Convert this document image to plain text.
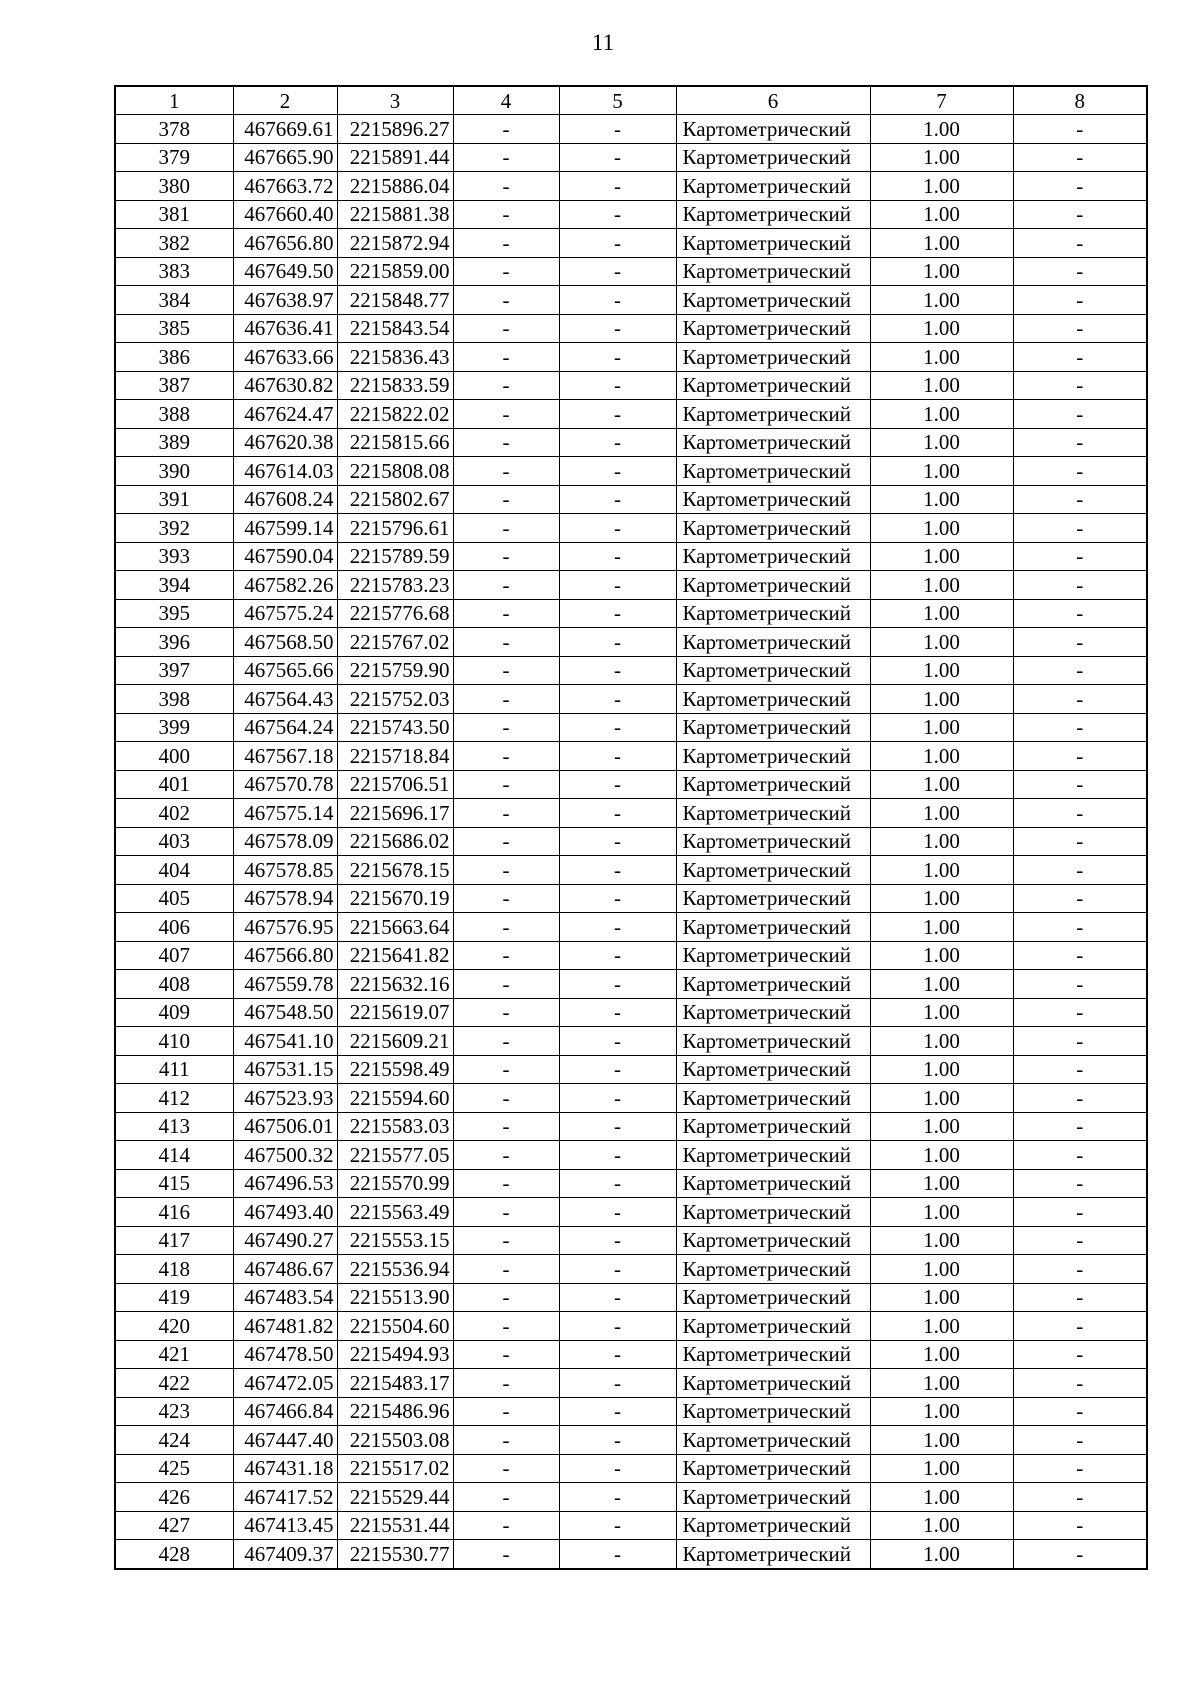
11
1	2	3	4	5	6	7	8
378	467669.61	2215896.27	-	-	Картометрический	1.00	-
379	467665.90	2215891.44	-	-	Картометрический	1.00	-
380	467663.72	2215886.04	-	-	Картометрический	1.00	-
381	467660.40	2215881.38	-	-	Картометрический	1.00	-
382	467656.80	2215872.94	-	-	Картометрический	1.00	-
383	467649.50	2215859.00	-	-	Картометрический	1.00	-
384	467638.97	2215848.77	-	-	Картометрический	1.00	-
385	467636.41	2215843.54	-	-	Картометрический	1.00	-
386	467633.66	2215836.43	-	-	Картометрический	1.00	-
387	467630.82	2215833.59	-	-	Картометрический	1.00	-
388	467624.47	2215822.02	-	-	Картометрический	1.00	-
389	467620.38	2215815.66	-	-	Картометрический	1.00	-
390	467614.03	2215808.08	-	-	Картометрический	1.00	-
391	467608.24	2215802.67	-	-	Картометрический	1.00	-
392	467599.14	2215796.61	-	-	Картометрический	1.00	-
393	467590.04	2215789.59	-	-	Картометрический	1.00	-
394	467582.26	2215783.23	-	-	Картометрический	1.00	-
395	467575.24	2215776.68	-	-	Картометрический	1.00	-
396	467568.50	2215767.02	-	-	Картометрический	1.00	-
397	467565.66	2215759.90	-	-	Картометрический	1.00	-
398	467564.43	2215752.03	-	-	Картометрический	1.00	-
399	467564.24	2215743.50	-	-	Картометрический	1.00	-
400	467567.18	2215718.84	-	-	Картометрический	1.00	-
401	467570.78	2215706.51	-	-	Картометрический	1.00	-
402	467575.14	2215696.17	-	-	Картометрический	1.00	-
403	467578.09	2215686.02	-	-	Картометрический	1.00	-
404	467578.85	2215678.15	-	-	Картометрический	1.00	-
405	467578.94	2215670.19	-	-	Картометрический	1.00	-
406	467576.95	2215663.64	-	-	Картометрический	1.00	-
407	467566.80	2215641.82	-	-	Картометрический	1.00	-
408	467559.78	2215632.16	-	-	Картометрический	1.00	-
409	467548.50	2215619.07	-	-	Картометрический	1.00	-
410	467541.10	2215609.21	-	-	Картометрический	1.00	-
411	467531.15	2215598.49	-	-	Картометрический	1.00	-
412	467523.93	2215594.60	-	-	Картометрический	1.00	-
413	467506.01	2215583.03	-	-	Картометрический	1.00	-
414	467500.32	2215577.05	-	-	Картометрический	1.00	-
415	467496.53	2215570.99	-	-	Картометрический	1.00	-
416	467493.40	2215563.49	-	-	Картометрический	1.00	-
417	467490.27	2215553.15	-	-	Картометрический	1.00	-
418	467486.67	2215536.94	-	-	Картометрический	1.00	-
419	467483.54	2215513.90	-	-	Картометрический	1.00	-
420	467481.82	2215504.60	-	-	Картометрический	1.00	-
421	467478.50	2215494.93	-	-	Картометрический	1.00	-
422	467472.05	2215483.17	-	-	Картометрический	1.00	-
423	467466.84	2215486.96	-	-	Картометрический	1.00	-
424	467447.40	2215503.08	-	-	Картометрический	1.00	-
425	467431.18	2215517.02	-	-	Картометрический	1.00	-
426	467417.52	2215529.44	-	-	Картометрический	1.00	-
427	467413.45	2215531.44	-	-	Картометрический	1.00	-
428	467409.37	2215530.77	-	-	Картометрический	1.00	-
